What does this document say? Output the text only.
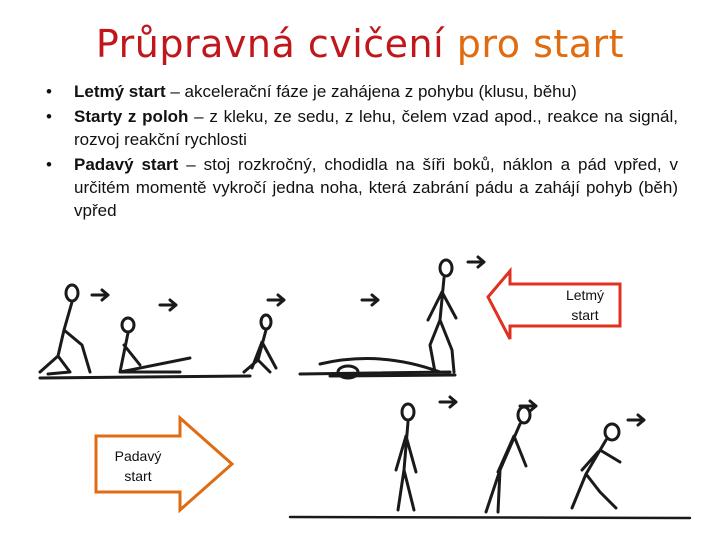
Průpravná cvičení pro start
• Letmý start – akcelerační fáze je zahájena z pohybu (klusu, běhu)
• Starty z poloh – z kleku, ze sedu, z lehu, čelem vzad apod., reakce na signál, rozvoj reakční rychlosti
• Padavý start – stoj rozkročný, chodidla na šíři boků, náklon a pád vpřed, v určitém momentě vykročí jedna noha, která zabrání pádu a zahájí pohyb (běh) vpřed
Letmý
start
Padavý
start
